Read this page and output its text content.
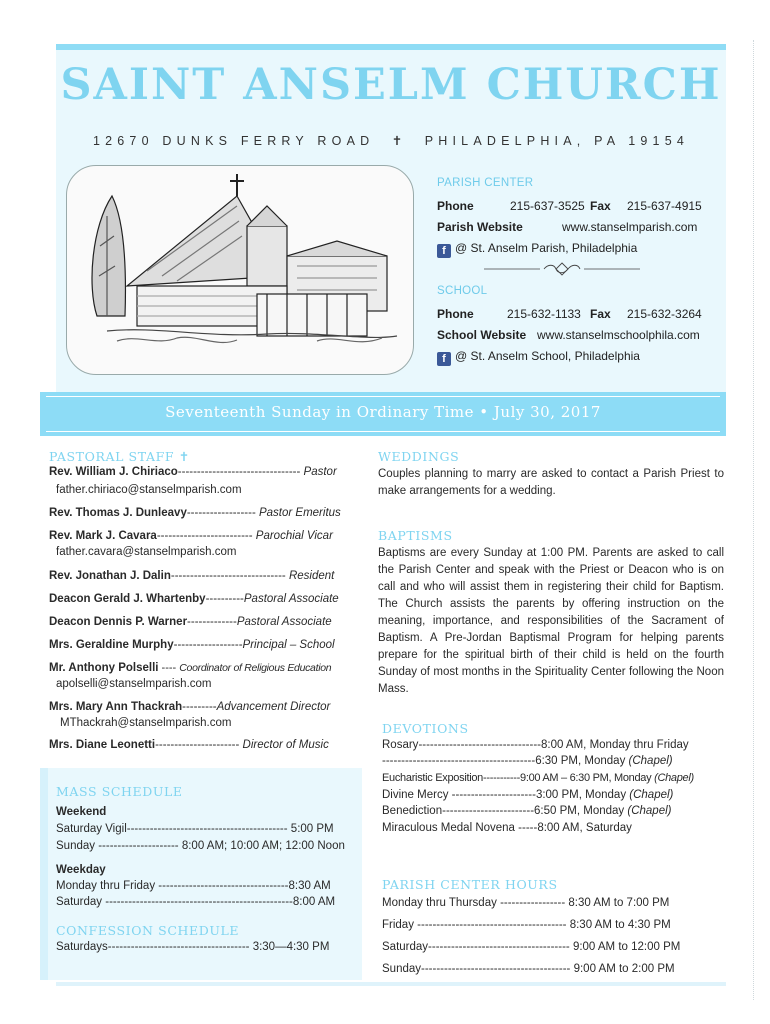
SAINT ANSELM CHURCH
12670 DUNKS FERRY ROAD ✝ PHILADELPHIA, PA 19154
PARISH CENTER
Phone	215-637-3525 Fax 215-637-4915
Parish Website	www.stanselmparish.com
f @ St. Anselm Parish, Philadelphia
SCHOOL
Phone	215-632-1133 Fax 215-632-3264
School Website www.stanselmschoolphila.com
f @ St. Anselm School, Philadelphia
Seventeenth Sunday in Ordinary Time • July 30, 2017
PASTORAL STAFF ✝
Rev. William J. Chiriaco-------------------------------- Pastor
father.chiriaco@stanselmparish.com
Rev. Thomas J. Dunleavy------------------ Pastor Emeritus
Rev. Mark J. Cavara------------------------- Parochial Vicar
father.cavara@stanselmparish.com
Rev. Jonathan J. Dalin------------------------------ Resident
Deacon Gerald J. Whartenby----------Pastoral Associate
Deacon Dennis P. Warner-------------Pastoral Associate
Mrs. Geraldine Murphy------------------Principal – School
Mr. Anthony Polselli ---- Coordinator of Religious Education
apolselli@stanselmparish.com
Mrs. Mary Ann Thackrah---------Advancement Director
MThackrah@stanselmparish.com
Mrs. Diane Leonetti---------------------- Director of Music
MASS SCHEDULE
Weekend
Saturday Vigil------------------------------------------ 5:00 PM
Sunday --------------------- 8:00 AM; 10:00 AM; 12:00 Noon
Weekday
Monday thru Friday ----------------------------------8:30 AM
Saturday -------------------------------------------------8:00 AM
CONFESSION SCHEDULE
Saturdays------------------------------------- 3:30—4:30 PM
WEDDINGS
Couples planning to marry are asked to contact a Parish Priest to make arrangements for a wedding.
BAPTISMS
Baptisms are every Sunday at 1:00 PM. Parents are asked to call the Parish Center and speak with the Priest or Deacon who is on call and who will assist them in registering their child for Baptism. The Church assists the parents by offering instruction on the meaning, importance, and responsibilities of the Sacrament of Baptism. A Pre-Jordan Baptismal Program for helping parents prepare for the spiritual birth of their child is held on the fourth Sunday of most months in the Spirituality Center following the Noon Mass.
DEVOTIONS
Rosary--------------------------------8:00 AM, Monday thru Friday
----------------------------------------6:30 PM, Monday (Chapel)
Eucharistic Exposition-----------9:00 AM – 6:30 PM, Monday (Chapel)
Divine Mercy ----------------------3:00 PM, Monday (Chapel)
Benediction------------------------6:50 PM, Monday (Chapel)
Miraculous Medal Novena -----8:00 AM, Saturday
PARISH CENTER HOURS
Monday thru Thursday ----------------- 8:30 AM to 7:00 PM
Friday --------------------------------------- 8:30 AM to 4:30 PM
Saturday------------------------------------- 9:00 AM to 12:00 PM
Sunday--------------------------------------- 9:00 AM to 2:00 PM
